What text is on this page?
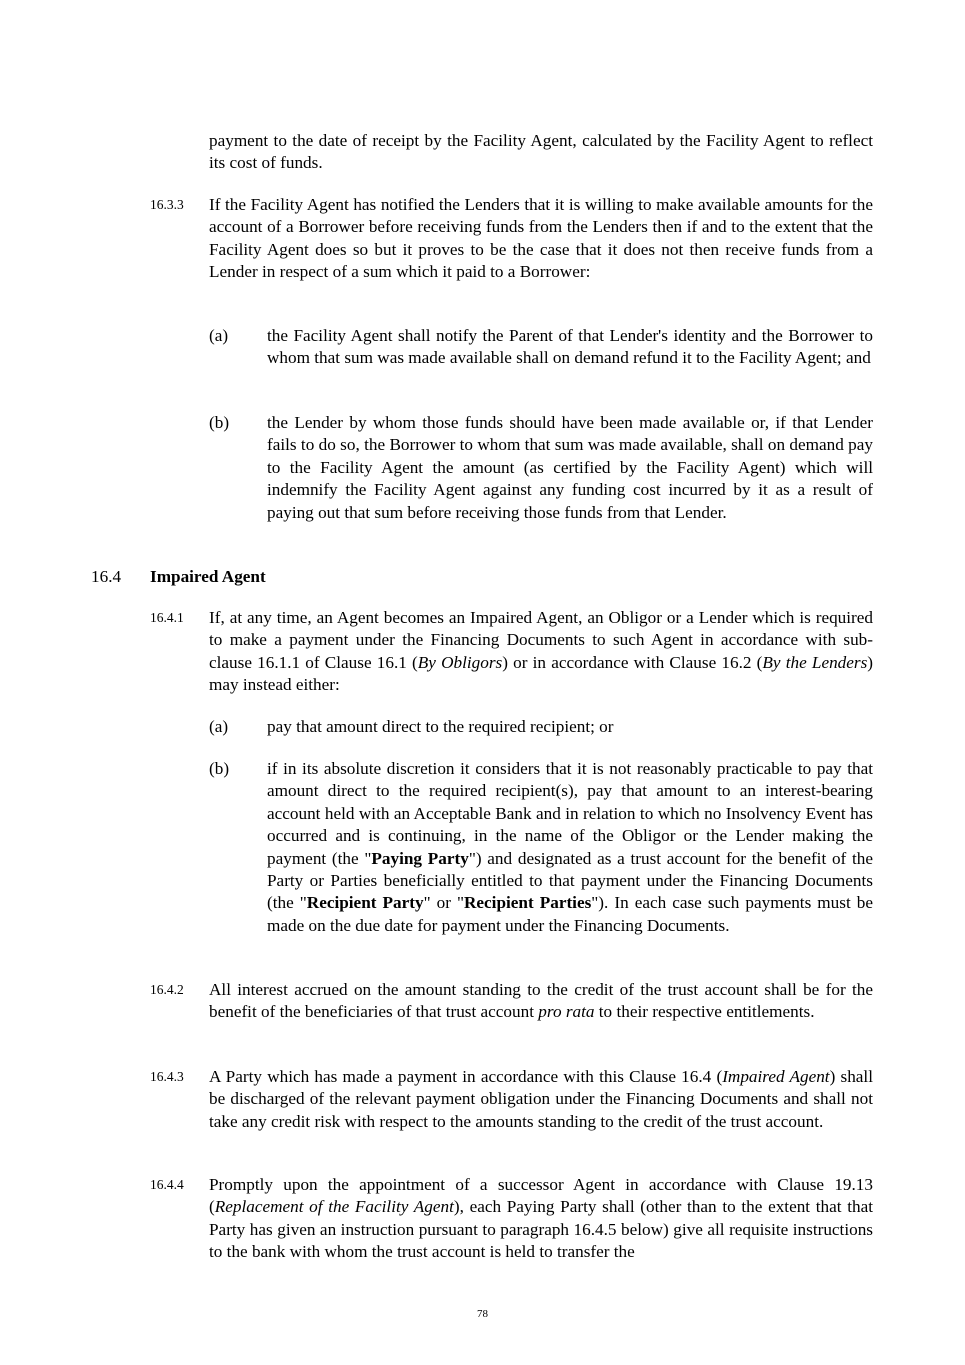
payment to the date of receipt by the Facility Agent, calculated by the Facility Agent to reflect its cost of funds.

16.3.3 If the Facility Agent has notified the Lenders that it is willing to make available amounts for the account of a Borrower before receiving funds from the Lenders then if and to the extent that the Facility Agent does so but it proves to be the case that it does not then receive funds from a Lender in respect of a sum which it paid to a Borrower:

(a) the Facility Agent shall notify the Parent of that Lender's identity and the Borrower to whom that sum was made available shall on demand refund it to the Facility Agent; and

(b) the Lender by whom those funds should have been made available or, if that Lender fails to do so, the Borrower to whom that sum was made available, shall on demand pay to the Facility Agent the amount (as certified by the Facility Agent) which will indemnify the Facility Agent against any funding cost incurred by it as a result of paying out that sum before receiving those funds from that Lender.

16.4 Impaired Agent
16.4.1 If, at any time, an Agent becomes an Impaired Agent, an Obligor or a Lender which is required to make a payment under the Financing Documents to such Agent in accordance with sub-clause 16.1.1 of Clause 16.1 (By Obligors) or in accordance with Clause 16.2 (By the Lenders) may instead either:

(a) pay that amount direct to the required recipient; or

(b) if in its absolute discretion it considers that it is not reasonably practicable to pay that amount direct to the required recipient(s), pay that amount to an interest-bearing account held with an Acceptable Bank and in relation to which no Insolvency Event has occurred and is continuing, in the name of the Obligor or the Lender making the payment (the "Paying Party") and designated as a trust account for the benefit of the Party or Parties beneficially entitled to that payment under the Financing Documents (the "Recipient Party" or "Recipient Parties"). In each case such payments must be made on the due date for payment under the Financing Documents.

16.4.2 All interest accrued on the amount standing to the credit of the trust account shall be for the benefit of the beneficiaries of that trust account pro rata to their respective entitlements.

16.4.3 A Party which has made a payment in accordance with this Clause 16.4 (Impaired Agent) shall be discharged of the relevant payment obligation under the Financing Documents and shall not take any credit risk with respect to the amounts standing to the credit of the trust account.

16.4.4 Promptly upon the appointment of a successor Agent in accordance with Clause 19.13 (Replacement of the Facility Agent), each Paying Party shall (other than to the extent that that Party has given an instruction pursuant to paragraph 16.4.5 below) give all requisite instructions to the bank with whom the trust account is held to transfer the

78
